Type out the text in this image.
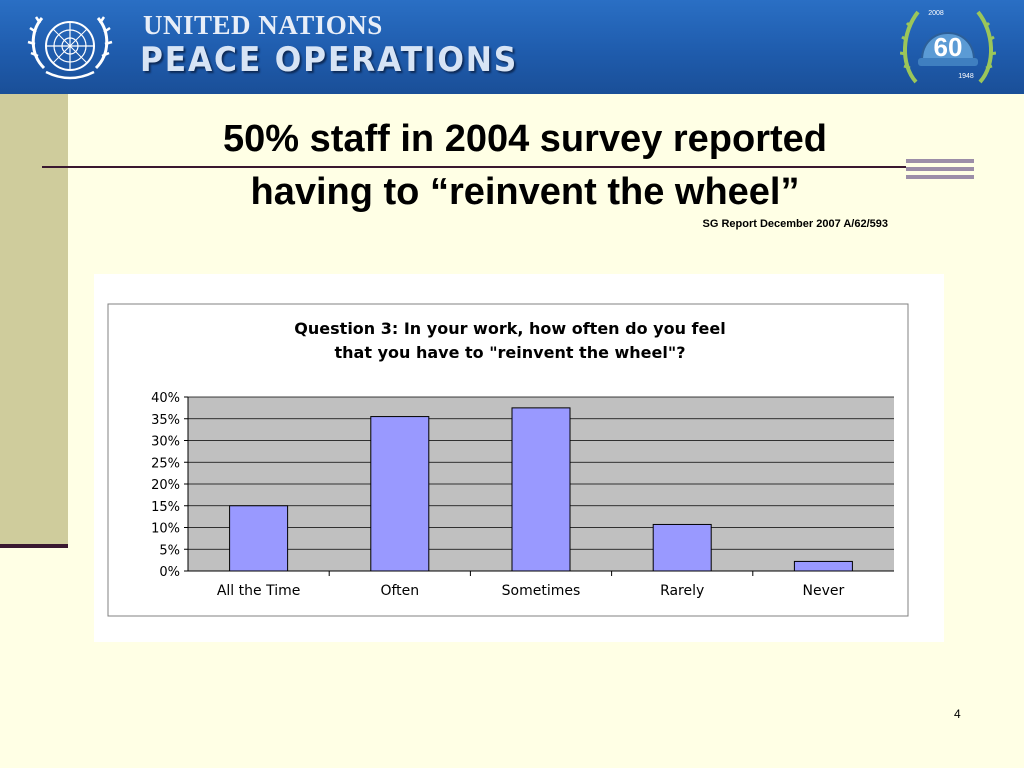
UNITED NATIONS
PEACE OPERATIONS	60
2008
1948
50% staff in 2004 survey reported
having to “reinvent the wheel”
SG Report December 2007 A/62/593
Question 3: In your work, how often do you feel
that you have to "reinvent the wheel"?
0%
5%
10%
15%
20%
25%
30%
35%
40%
All the Time	Often	Sometimes	Rarely	Never
4
